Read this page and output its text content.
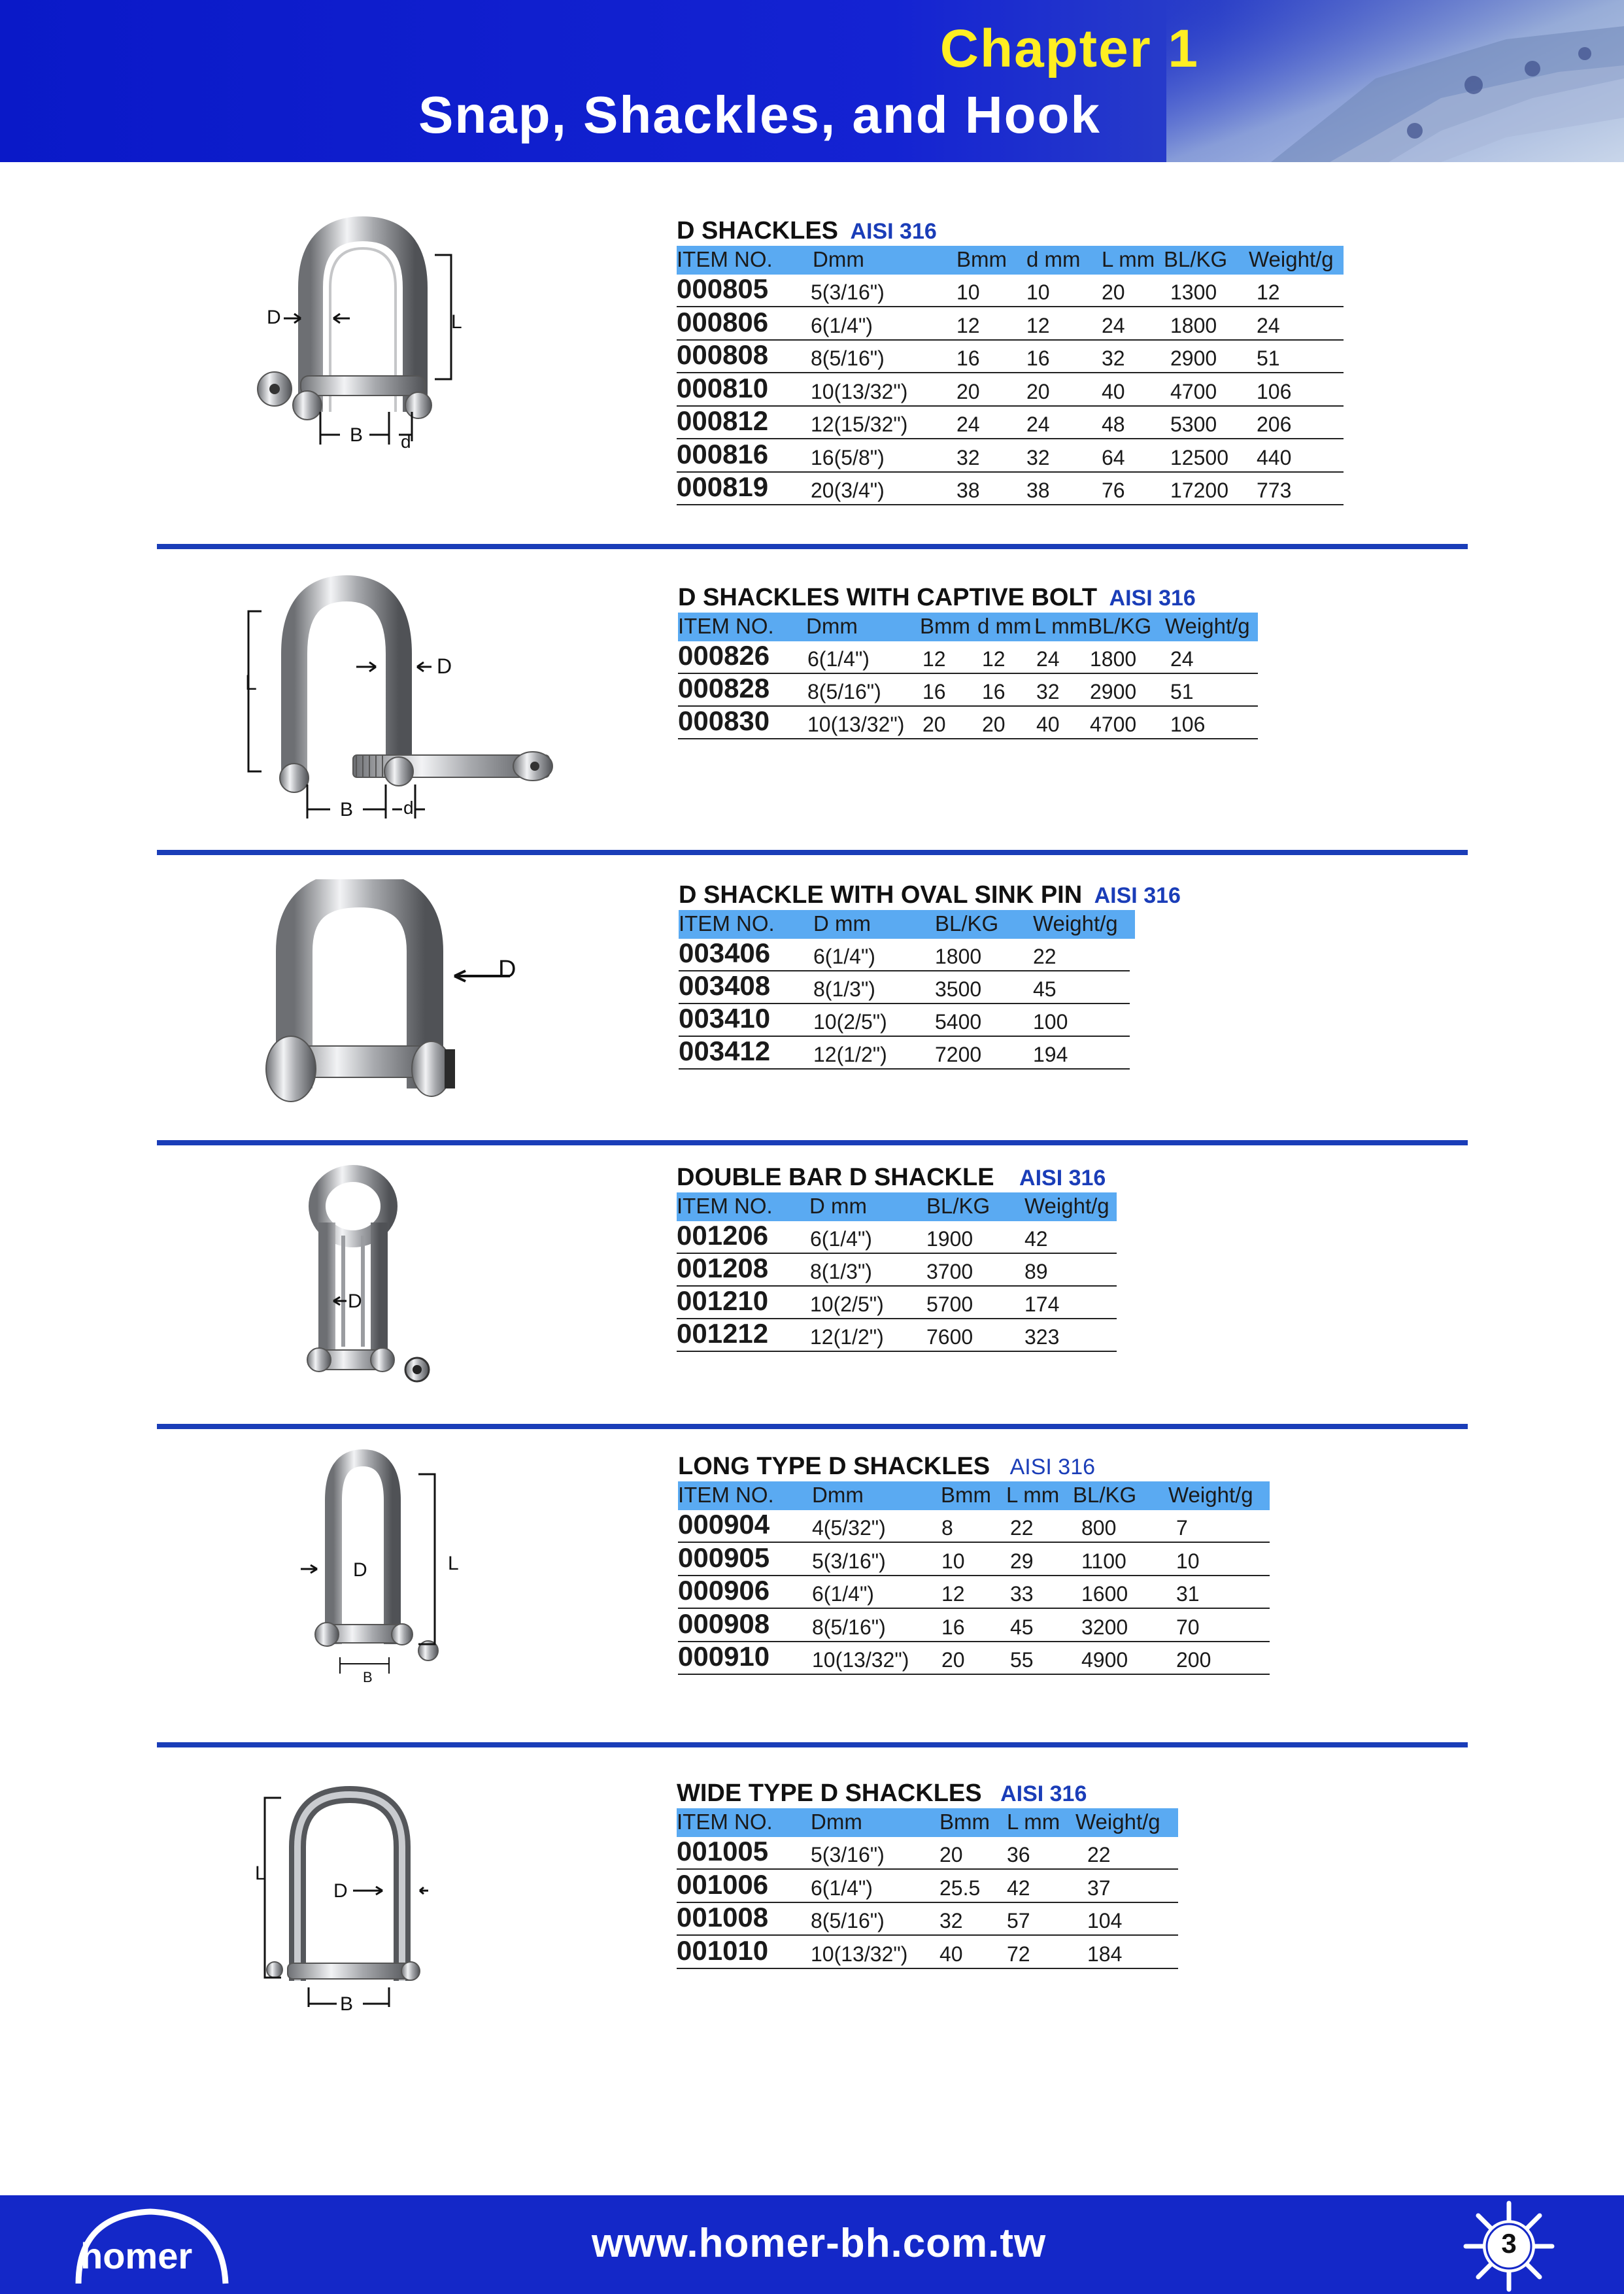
Chapter 1
Snap, Shackles, and Hook
D	L
B d
D SHACKLES AISI 316
ITEM NO. Dmm	Bmm d mm L mm BL/KG Weight/g
000805 5(3/16")	10 10 20 1300 12
000806 6(1/4")	12 12 24 1800 24
000808 8(5/16")	16 16 32 2900 51
000810 10(13/32") 20 20 40 4700 106
000812 12(15/32") 24 24 48 5300 206
000816 16(5/8")	32 32 64 12500 440
000819 20(3/4")	38 38 76 17200 773
L
D
B	d
D SHACKLES WITH CAPTIVE BOLT AISI 316
ITEM NO. Dmm	Bmm d mm L mm BL/KG Weight/g
000826 6(1/4")	12 12 24 1800 24
000828 8(5/16") 16 16 32 2900 51
000830 10(13/32") 20 20 40 4700 106
D
D SHACKLE WITH OVAL SINK PIN AISI 316
ITEM NO. D mm	BL/KG Weight/g
003406 6(1/4")	1800 22
003408 8(1/3")	3500 45
003410 10(2/5") 5400 100
003412 12(1/2") 7200 194
D
DOUBLE BAR D SHACKLE AISI 316
ITEM NO. D mm	BL/KG Weight/g
001206 6(1/4")	1900 42
001208 8(1/3")	3700 89
001210 10(2/5") 5700 174
001212 12(1/2") 7600 323
D	L
B
LONG TYPE D SHACKLES AISI 316
ITEM NO. Dmm	Bmm L mm BL/KG Weight/g
000904 4(5/32")	8	22 800	7
000905 5(3/16")	10 29 1100 10
000906 6(1/4")	12 33 1600 31
000908 8(5/16")	16 45 3200 70
000910 10(13/32") 20 55 4900 200
L
D
B
WIDE TYPE D SHACKLES AISI 316
ITEM NO. Dmm	Bmm L mm Weight/g
001005 5(3/16")	20 36	22
001006 6(1/4")	25.5 42	37
001008 8(5/16")	32 57	104
001010 10(13/32") 40 72	184
homer	www.homer-bh.com.tw	3
